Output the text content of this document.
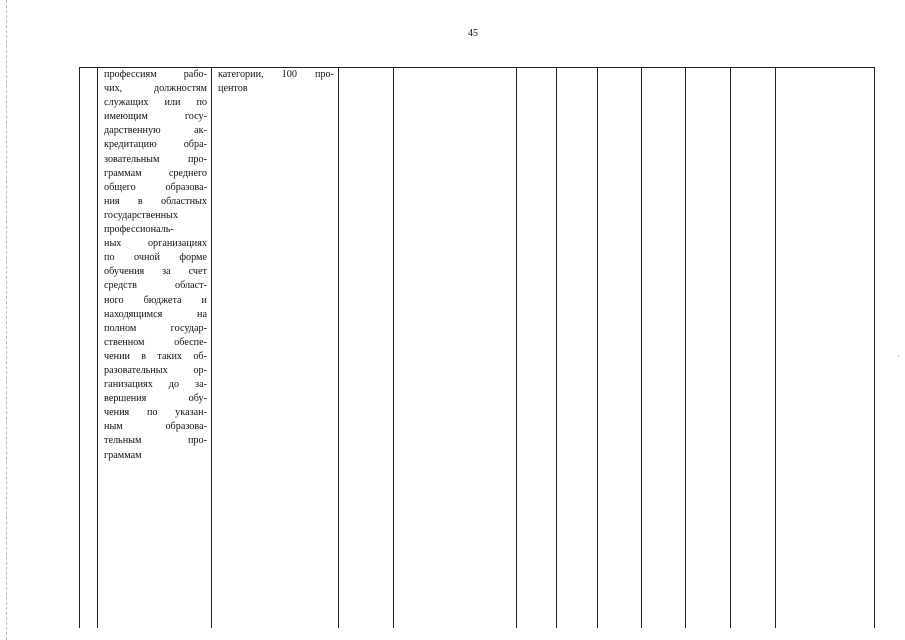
45
профессиям рабо-
чих, должностям
служащих или по
имеющим госу-
дарственную ак-
кредитацию обра-
зовательным про-
граммам среднего
общего образова-
ния в областных
государственных
профессиональ-
ных организациях
по очной форме
обучения за счет
средств област-
ного бюджета и
находящимся на
полном государ-
ственном обеспе-
чении в таких об-
разовательных ор-
ганизациях до за-
вершения обу-
чения по указан-
ным образова-
тельным про-
граммам
категории, 100 про-
центов
